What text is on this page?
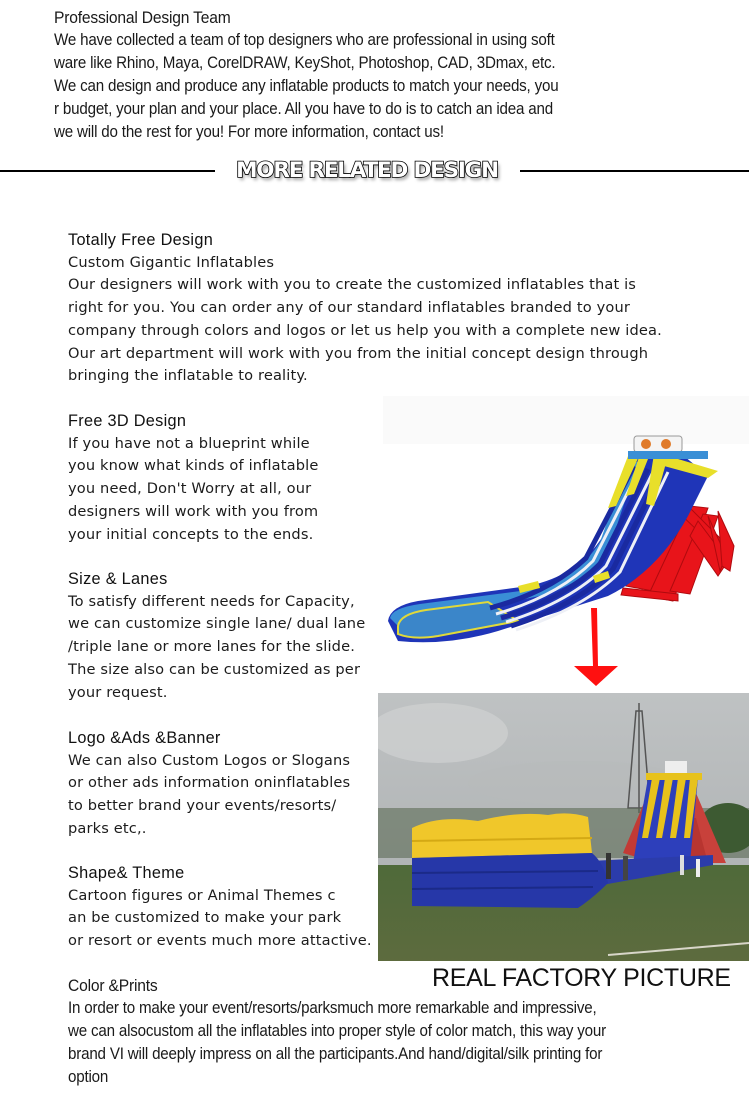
Professional Design Team
We have collected a team of top designers who are professional in using soft
ware like Rhino, Maya, CorelDRAW, KeyShot, Photoshop, CAD, 3Dmax, etc.
We can design and produce any inflatable products to match your needs, you
r budget, your plan and your place. All you have to do is to catch an idea and
we will do the rest for you! For more information, contact us!
MORE RELATED DESIGN
Totally Free Design
Custom Gigantic Inflatables
Our designers will work with you to create the customized inflatables that is
right for you. You can order any of our standard inflatables branded to your
company through colors and logos or let us help you with a complete new idea.
Our art department will work with you from the initial concept design through
bringing the inflatable to reality.
Free 3D Design
If you have not a blueprint while
you know what kinds of inflatable
you need, Don't Worry at all, our
designers will work with you from
your initial concepts to the ends.
Size & Lanes
To satisfy different needs for Capacity,
we can customize single lane/ dual lane
/triple lane or more lanes for the slide.
The size also can be customized as per
your request.
Logo &Ads &Banner
We can also Custom Logos or Slogans
or other ads information oninflatables
to better brand your events/resorts/
parks etc,.
Shape& Theme
Cartoon figures or Animal Themes c
an be customized to make your park
or resort or events much more attactive.
REAL FACTORY PICTURE
Color &Prints
In order to make your event/resorts/parksmuch more remarkable and impressive,
we can alsocustom all the inflatables into proper style of color match, this way your
brand VI will deeply impress on all the participants.And hand/digital/silk printing for
option
